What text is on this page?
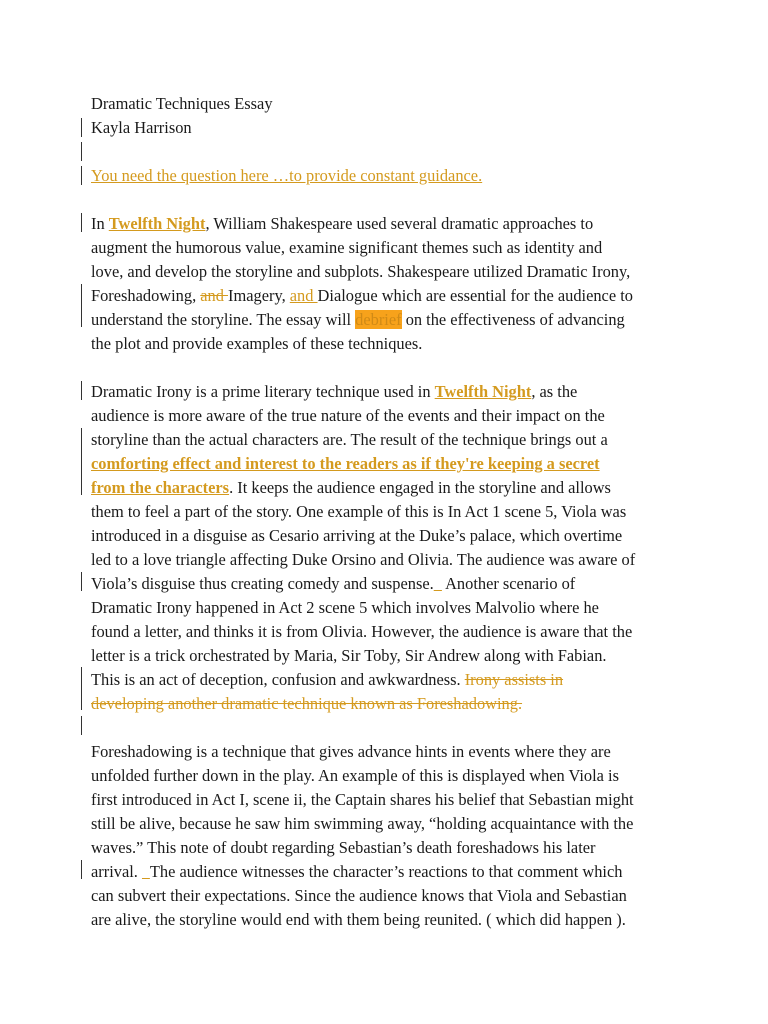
Dramatic Techniques Essay
Kayla Harrison
You need the question here …to provide constant guidance.
In Twelfth Night, William Shakespeare used several dramatic approaches to
augment the humorous value, examine significant themes such as identity and
love, and develop the storyline and subplots. Shakespeare utilized Dramatic Irony,
Foreshadowing, and Imagery, and Dialogue which are essential for the audience to
understand the storyline. The essay will debrief on the effectiveness of advancing
the plot and provide examples of these techniques.
Dramatic Irony is a prime literary technique used in Twelfth Night, as the
audience is more aware of the true nature of the events and their impact on the
storyline than the actual characters are. The result of the technique brings out a
comforting effect and interest to the readers as if they're keeping a secret
from the characters. It keeps the audience engaged in the storyline and allows
them to feel a part of the story. One example of this is In Act 1 scene 5, Viola was
introduced in a disguise as Cesario arriving at the Duke’s palace, which overtime
led to a love triangle affecting Duke Orsino and Olivia. The audience was aware of
Viola’s disguise thus creating comedy and suspense.   Another scenario of
Dramatic Irony happened in Act 2 scene 5 which involves Malvolio where he
found a letter, and thinks it is from Olivia. However, the audience is aware that the
letter is a trick orchestrated by Maria, Sir Toby, Sir Andrew along with Fabian.
This is an act of deception, confusion and awkwardness. Irony assists in
developing another dramatic technique known as Foreshadowing.
Foreshadowing is a technique that gives advance hints in events where they are
unfolded further down in the play. An example of this is displayed when Viola is
first introduced in Act I, scene ii, the Captain shares his belief that Sebastian might
still be alive, because he saw him swimming away, “holding acquaintance with the
waves.” This note of doubt regarding Sebastian’s death foreshadows his later
arrival.   The audience witnesses the character’s reactions to that comment which
can subvert their expectations. Since the audience knows that Viola and Sebastian
are alive, the storyline would end with them being reunited. ( which did happen ).
